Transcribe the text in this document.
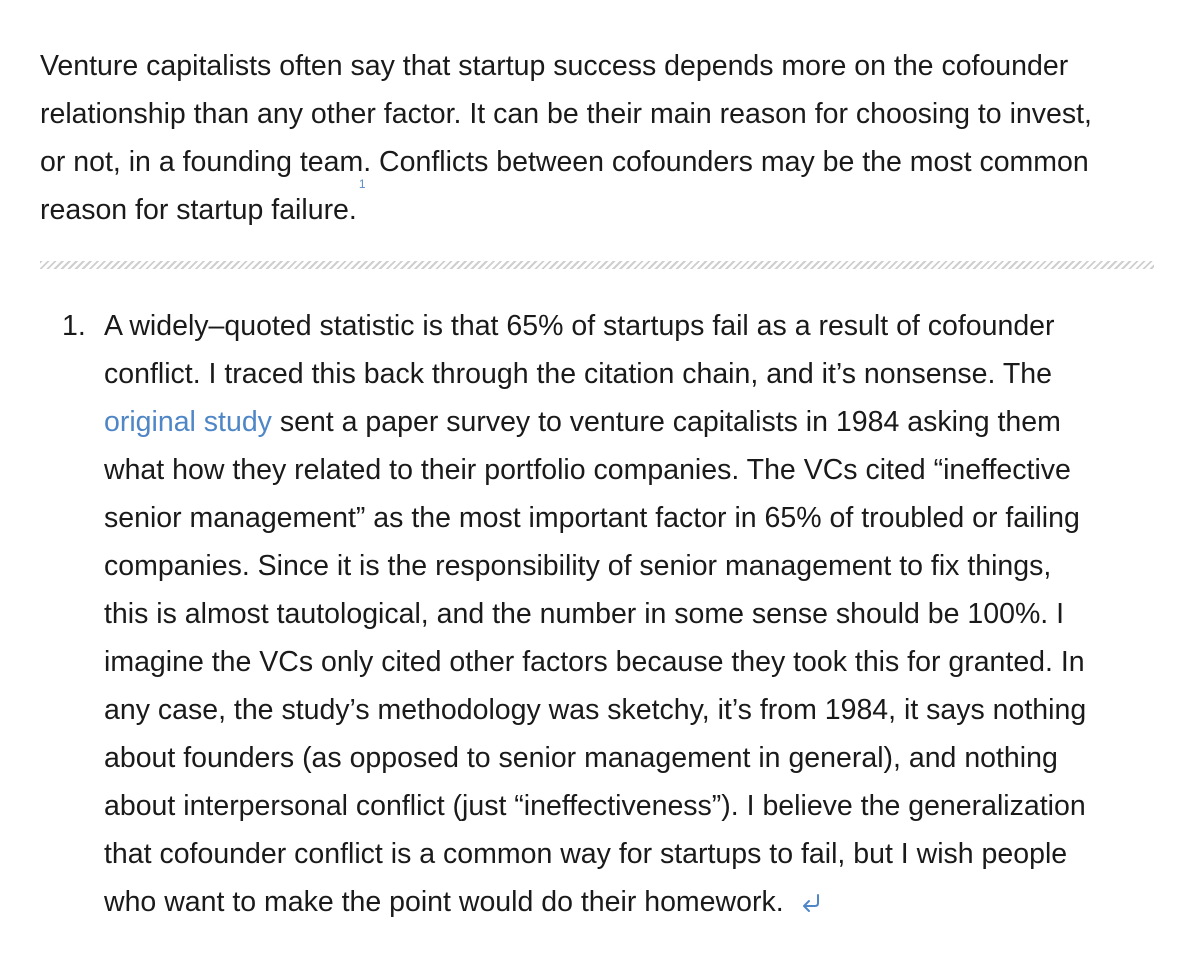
Venture capitalists often say that startup success depends more on the cofounder
relationship than any other factor. It can be their main reason for choosing to invest,
or not, in a founding team. Conflicts between cofounders may be the most common
reason for startup failure.$^1$

1. A widely–quoted statistic is that 65% of startups fail as a result of cofounder
conflict. I traced this back through the citation chain, and it’s nonsense. The
original study sent a paper survey to venture capitalists in 1984 asking them
what how they related to their portfolio companies. The VCs cited “ineffective
senior management” as the most important factor in 65% of troubled or failing
companies. Since it is the responsibility of senior management to fix things,
this is almost tautological, and the number in some sense should be 100%. I
imagine the VCs only cited other factors because they took this for granted. In
any case, the study’s methodology was sketchy, it’s from 1984, it says nothing
about founders (as opposed to senior management in general), and nothing
about interpersonal conflict (just “ineffectiveness”). I believe the generalization
that cofounder conflict is a common way for startups to fail, but I wish people
who want to make the point would do their homework.
